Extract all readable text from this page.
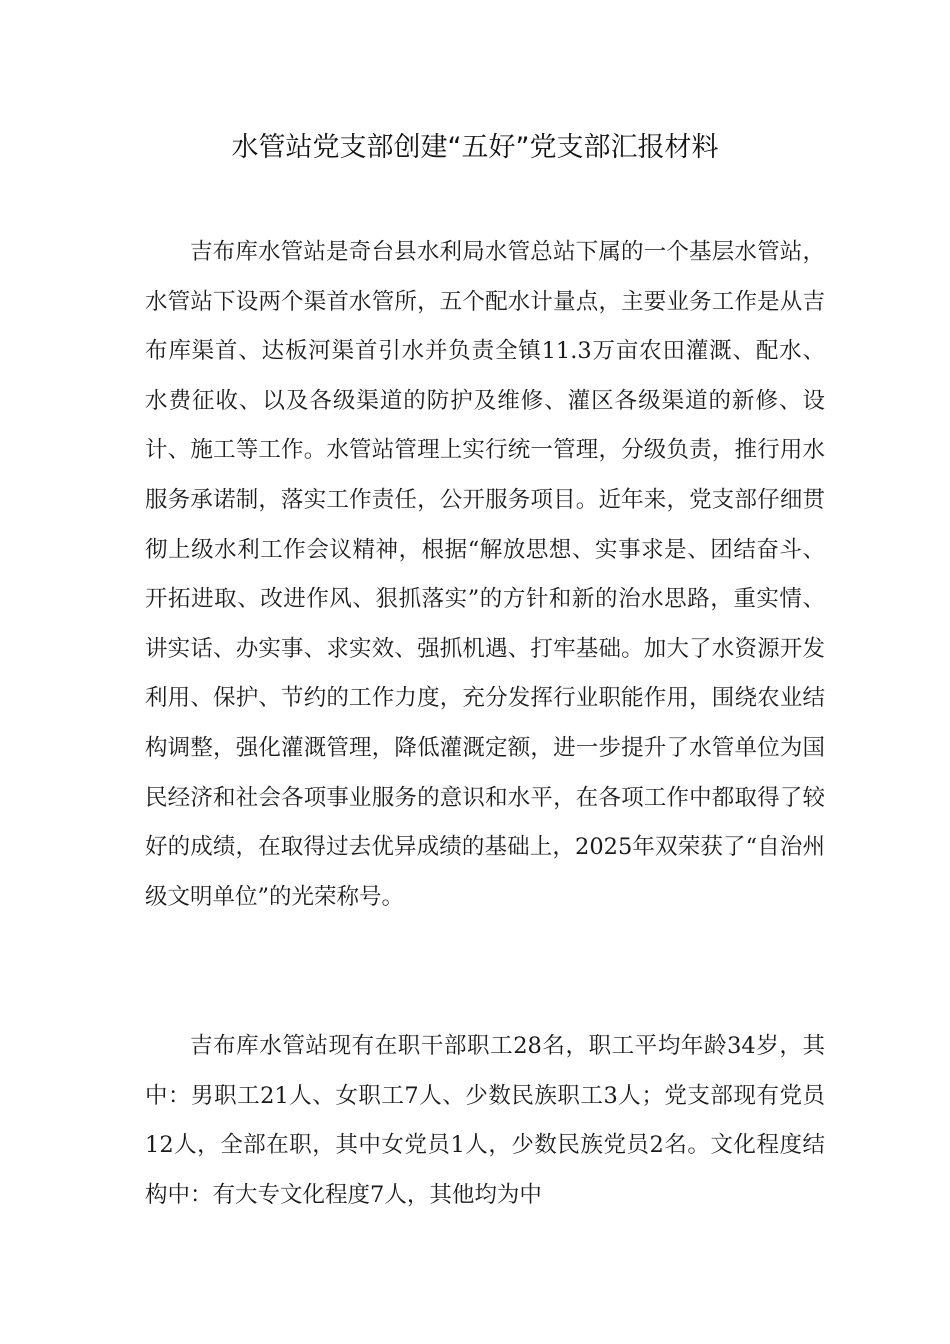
水管站党支部创建“五好”党支部汇报材料

吉布库水管站是奇台县水利局水管总站下属的一个基层水管站，水管站下设两个渠首水管所，五个配水计量点，主要业务工作是从吉布库渠首、达板河渠首引水并负责全镇11.3万亩农田灌溉、配水、水费征收、以及各级渠道的防护及维修、灌区各级渠道的新修、设计、施工等工作。水管站管理上实行统一管理，分级负责，推行用水服务承诺制，落实工作责任，公开服务项目。近年来，党支部仔细贯彻上级水利工作会议精神，根据“解放思想、实事求是、团结奋斗、开拓进取、改进作风、狠抓落实”的方针和新的治水思路，重实情、讲实话、办实事、求实效、强抓机遇、打牢基础。加大了水资源开发利用、保护、节约的工作力度，充分发挥行业职能作用，围绕农业结构调整，强化灌溉管理，降低灌溉定额，进一步提升了水管单位为国民经济和社会各项事业服务的意识和水平，在各项工作中都取得了较好的成绩，在取得过去优异成绩的基础上，2025年双荣获了“自治州级文明单位”的光荣称号。

吉布库水管站现有在职干部职工28名，职工平均年龄34岁，其中：男职工21人、女职工7人、少数民族职工3人；党支部现有党员12人，全部在职，其中女党员1人，少数民族党员2名。文化程度结构中：有大专文化程度7人，其他均为中
